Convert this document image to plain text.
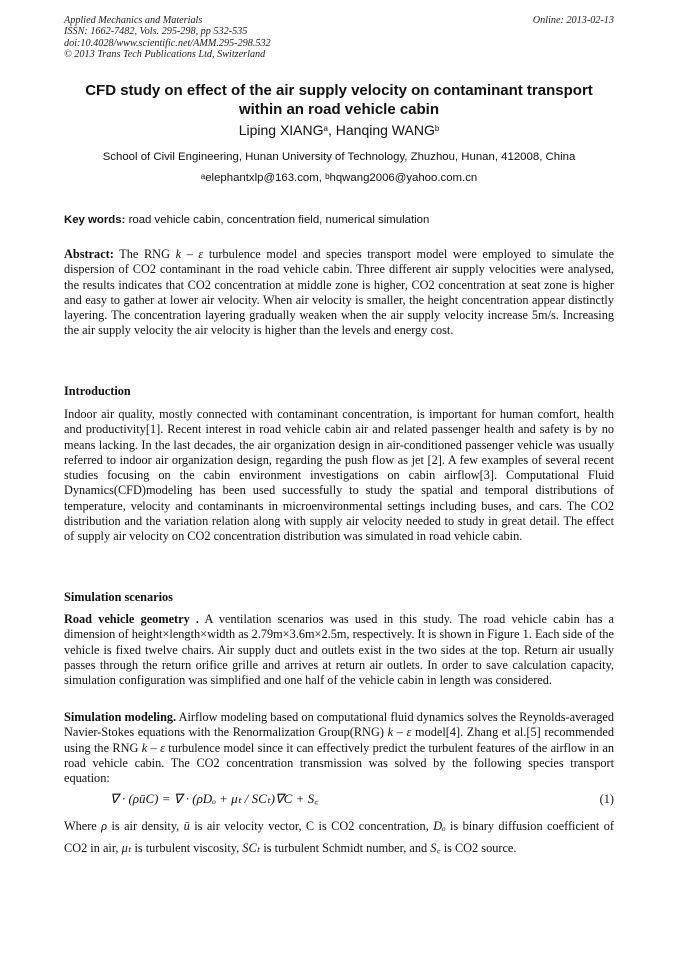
Applied Mechanics and Materials
ISSN: 1662-7482, Vols. 295-298, pp 532-535
doi:10.4028/www.scientific.net/AMM.295-298.532
© 2013 Trans Tech Publications Ltd, Switzerland
Online: 2013-02-13
CFD study on effect of the air supply velocity on contaminant transport
within an road vehicle cabin
Liping XIANG$^a$, Hanqing WANG$^b$
School of Civil Engineering, Hunan University of Technology, Zhuzhou, Hunan, 412008, China
$^a$elephantxlp@163.com, $^b$hqwang2006@yahoo.com.cn
Key words: road vehicle cabin, concentration field, numerical simulation
Abstract: The RNG k – ε turbulence model and species transport model were employed to simulate the dispersion of CO2 contaminant in the road vehicle cabin. Three different air supply velocities were analysed, the results indicates that CO2 concentration at middle zone is higher, CO2 concentration at seat zone is higher and easy to gather at lower air velocity. When air velocity is smaller, the height concentration appear distinctly layering. The concentration layering gradually weaken when the air supply velocity increase 5m/s. Increasing the air supply velocity the air velocity is higher than the levels and energy cost.
Introduction
Indoor air quality, mostly connected with contaminant concentration, is important for human comfort, health and productivity[1]. Recent interest in road vehicle cabin air and related passenger health and safety is by no means lacking. In the last decades, the air organization design in air-conditioned passenger vehicle was usually referred to indoor air organization design, regarding the push flow as jet [2]. A few examples of several recent studies focusing on the cabin environment investigations on cabin airflow[3]. Computational Fluid Dynamics(CFD)modeling has been used successfully to study the spatial and temporal distributions of temperature, velocity and contaminants in microenvironmental settings including buses, and cars. The CO2 distribution and the variation relation along with supply air velocity needed to study in great detail. The effect of supply air velocity on CO2 concentration distribution was simulated in road vehicle cabin.
Simulation scenarios
Road vehicle geometry . A ventilation scenarios was used in this study. The road vehicle cabin has a dimension of height×length×width as 2.79m×3.6m×2.5m, respectively. It is shown in Figure 1. Each side of the vehicle is fixed twelve chairs. Air supply duct and outlets exist in the two sides at the top. Return air usually passes through the return orifice grille and arrives at return air outlets. In order to save calculation capacity, simulation configuration was simplified and one half of the vehicle cabin in length was considered.
Simulation modeling. Airflow modeling based on computational fluid dynamics solves the Reynolds-averaged Navier-Stokes equations with the Renormalization Group(RNG) k – ε model[4]. Zhang et al.[5] recommended using the RNG k – ε turbulence model since it can effectively predict the turbulent features of the airflow in an road vehicle cabin. The CO2 concentration transmission was solved by the following species transport equation:
∇ · (ρūC) = ∇ · (ρDₒ + μₜ / SCₜ)∇C + S꜀	(1)
Where ρ is air density, ū is air velocity vector, C is CO2 concentration, Dₒ is binary diffusion coefficient of CO2 in air, μₜ is turbulent viscosity, SCₜ is turbulent Schmidt number, and S꜀ is CO2 source.
